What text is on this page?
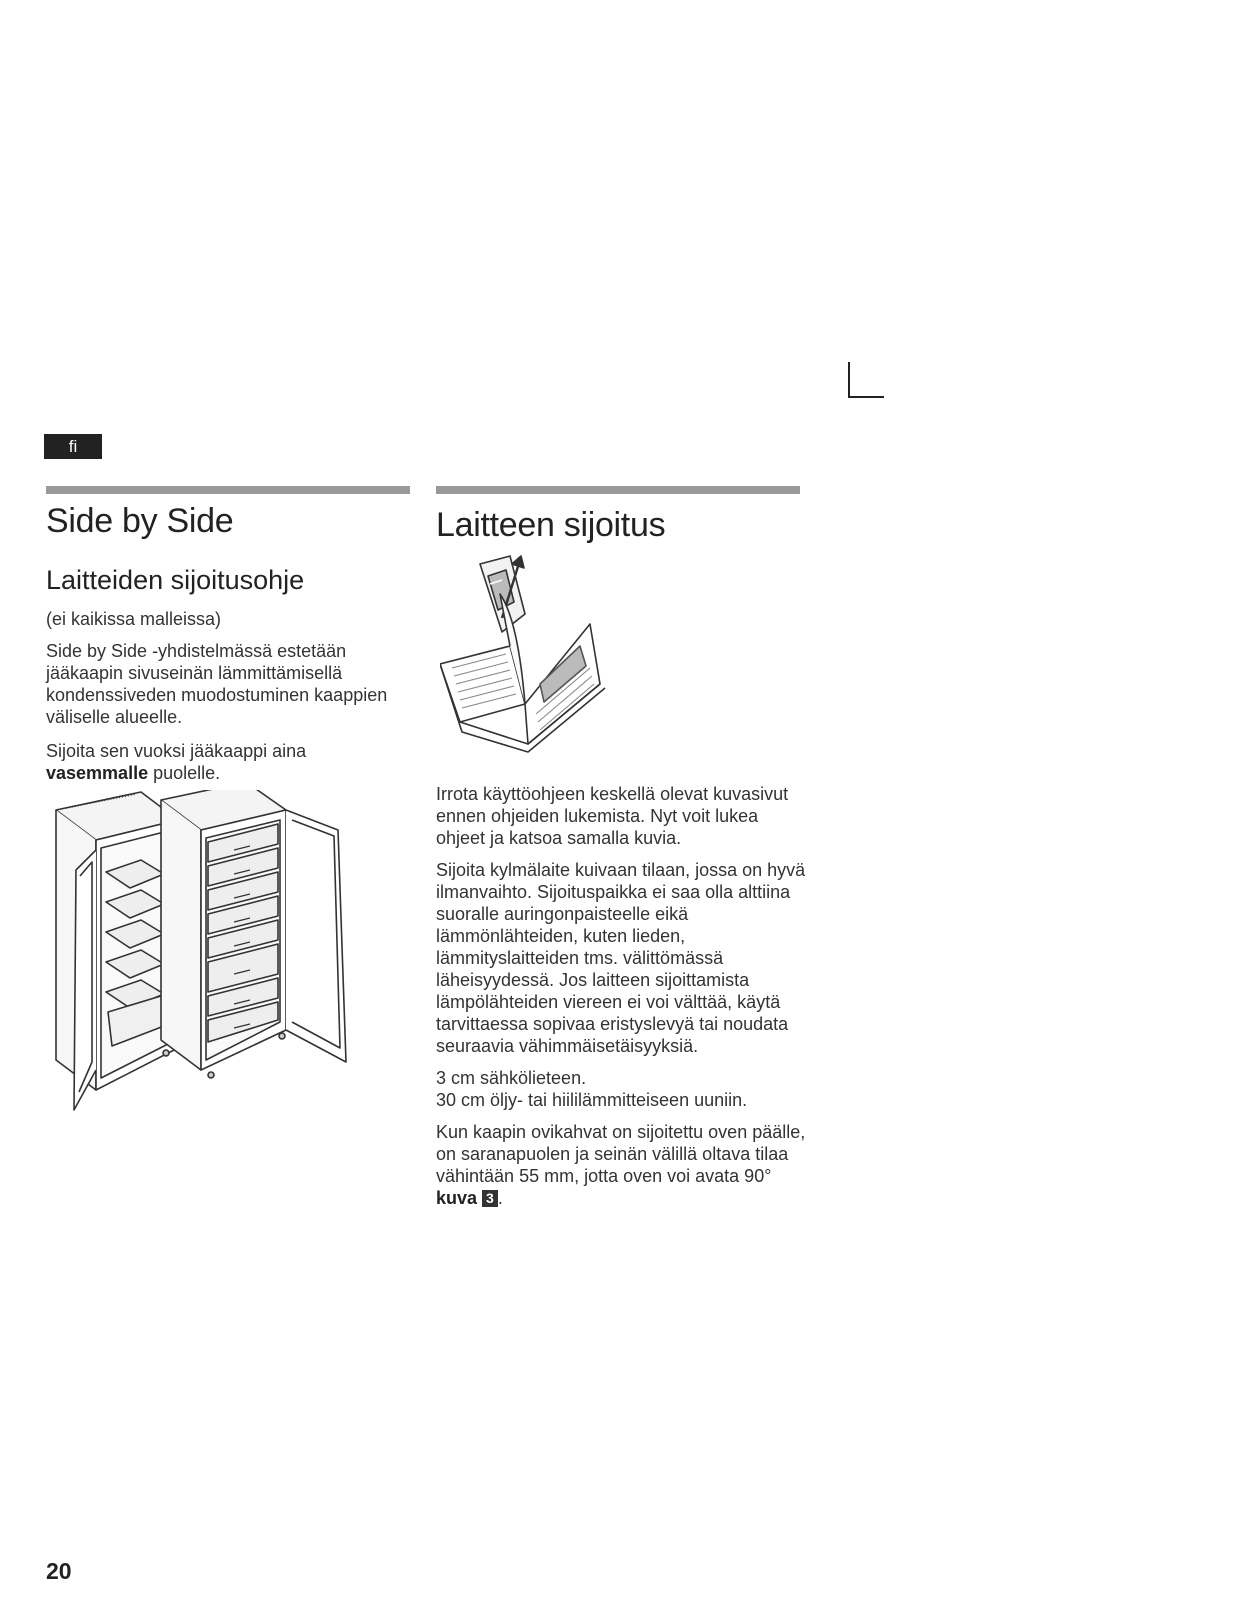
fi
Side by Side
Laitteiden sijoitusohje

(ei kaikissa malleissa)

Side by Side -yhdistelmässä estetään jääkaapin sivuseinän lämmittämisellä kondenssiveden muodostuminen kaappien väliselle alueelle.

Sijoita sen vuoksi jääkaappi aina vasemmalle puolelle.

Laitteen sijoitus

Irrota käyttöohjeen keskellä olevat kuvasivut ennen ohjeiden lukemista. Nyt voit lukea ohjeet ja katsoa samalla kuvia.

Sijoita kylmälaite kuivaan tilaan, jossa on hyvä ilmanvaihto. Sijoituspaikka ei saa olla alttiina suoralle auringonpaisteelle eikä lämmönlähteiden, kuten lieden, lämmityslaitteiden tms. välittömässä läheisyydessä. Jos laitteen sijoittamista lämpölähteiden viereen ei voi välttää, käytä tarvittaessa sopivaa eristyslevyä tai noudata seuraavia vähimmäisetäisyyksiä.

3 cm sähkölieteen.
30 cm öljy- tai hiililämmitteiseen uuniin.

Kun kaapin ovikahvat on sijoitettu oven päälle, on saranapuolen ja seinän välillä oltava tilaa vähintään 55 mm, jotta oven voi avata 90° kuva 3 .

20
